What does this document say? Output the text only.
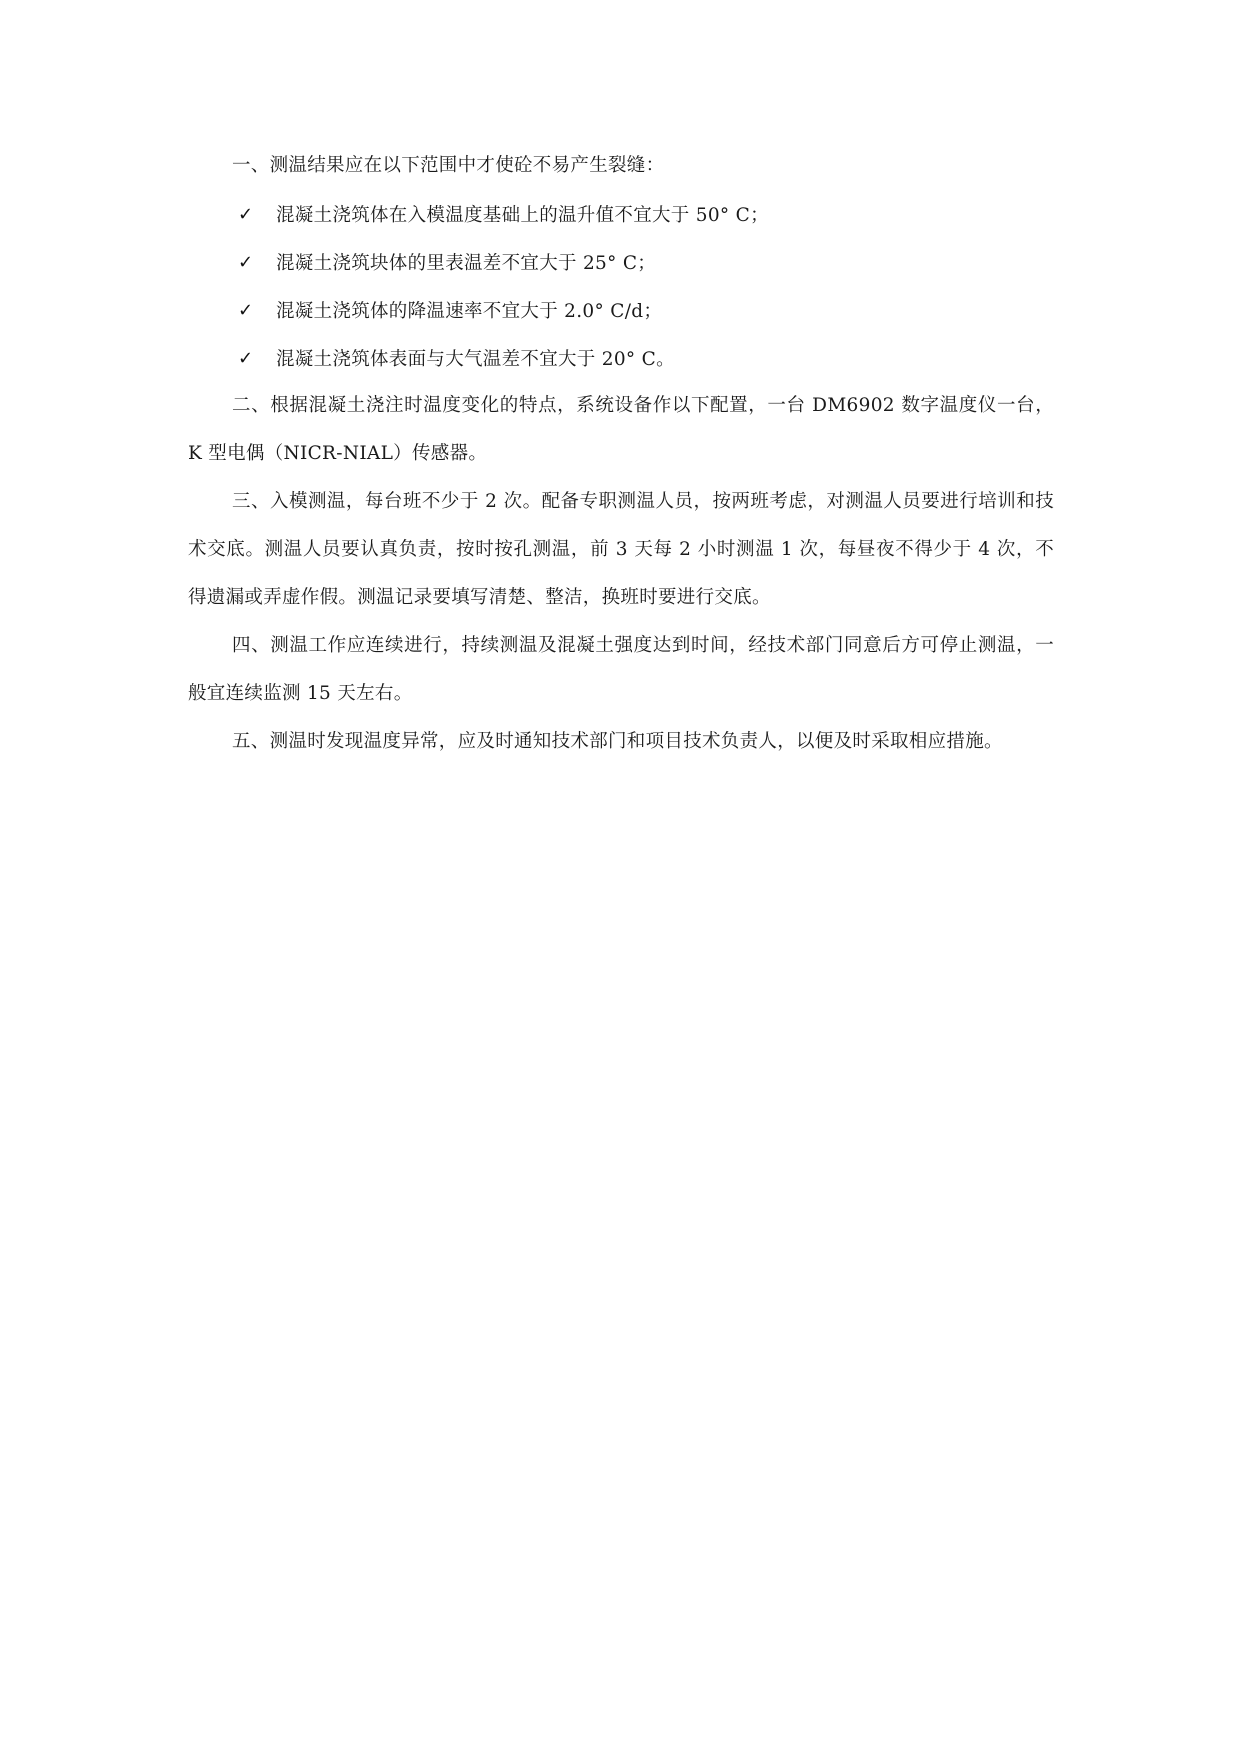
一、测温结果应在以下范围中才使砼不易产生裂缝：

✓ 混凝土浇筑体在入模温度基础上的温升值不宜大于 50° C；
✓ 混凝土浇筑块体的里表温差不宜大于 25° C；
✓ 混凝土浇筑体的降温速率不宜大于 2.0° C/d；
✓ 混凝土浇筑体表面与大气温差不宜大于 20° C。

二、根据混凝土浇注时温度变化的特点，系统设备作以下配置，一台 DM6902 数字温度仪一台，K 型电偶（NICR-NIAL）传感器。

三、入模测温，每台班不少于 2 次。配备专职测温人员，按两班考虑，对测温人员要进行培训和技术交底。测温人员要认真负责，按时按孔测温，前 3 天每 2 小时测温 1 次，每昼夜不得少于 4 次，不得遗漏或弄虚作假。测温记录要填写清楚、整洁，换班时要进行交底。

四、测温工作应连续进行，持续测温及混凝土强度达到时间，经技术部门同意后方可停止测温，一般宜连续监测 15 天左右。

五、测温时发现温度异常，应及时通知技术部门和项目技术负责人，以便及时采取相应措施。
